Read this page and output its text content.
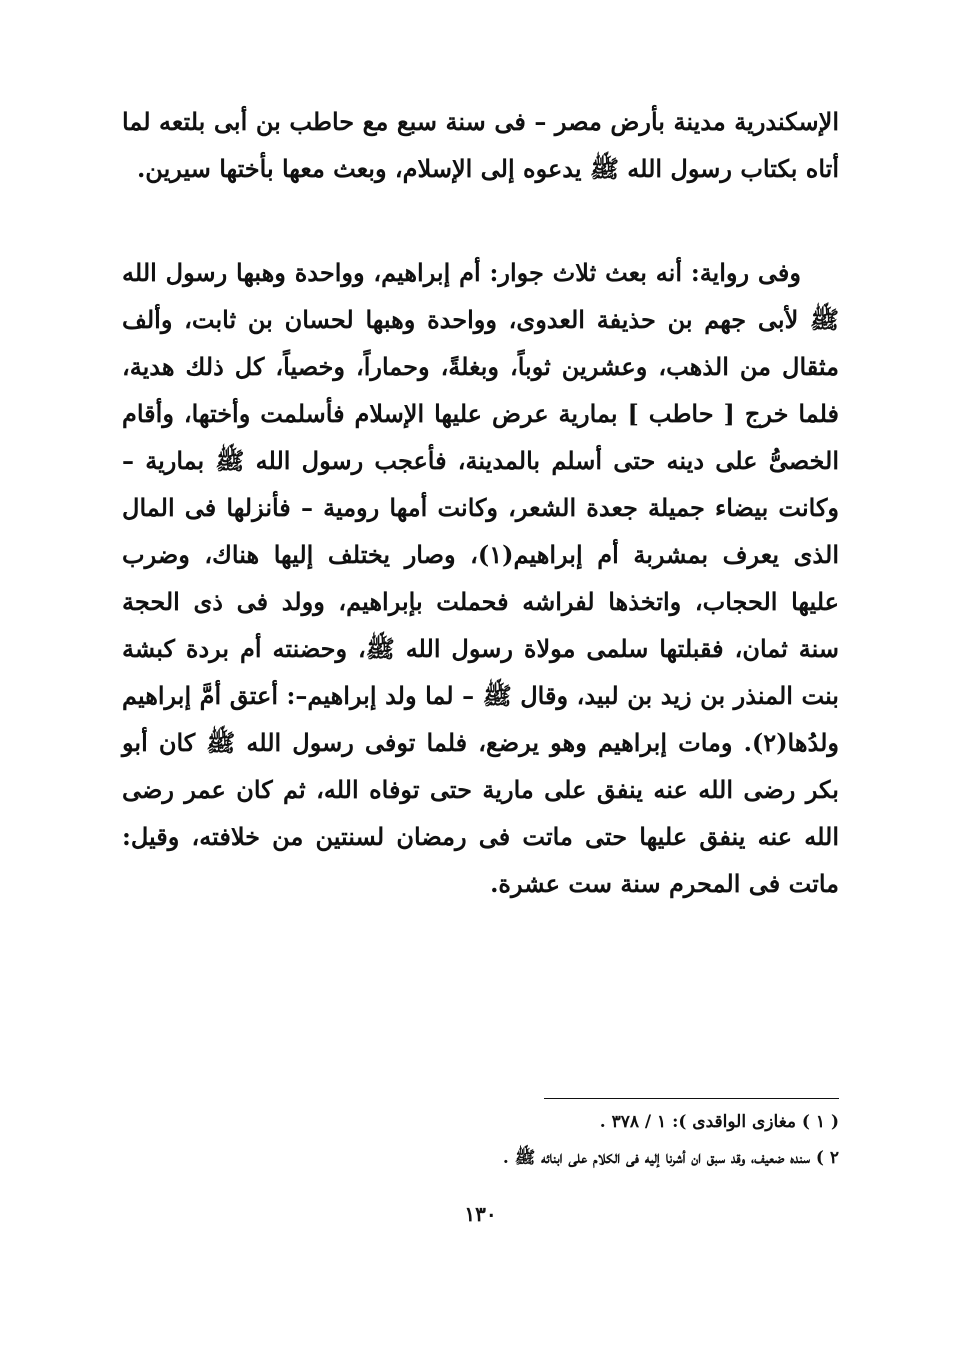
الإسكندرية مدينة بأرض مصر – فى سنة سبع مع حاطب بن أبى بلتعه لما أتاه بكتاب رسول الله ﷺ يدعوه إلى الإسلام، وبعث معها بأختها سيرين.

وفى رواية: أنه بعث ثلاث جوار: أم إبراهيم، وواحدة وهبها رسول الله ﷺ لأبى جهم بن حذيفة العدوى، وواحدة وهبها لحسان بن ثابت، وألف مثقال من الذهب، وعشرين ثوباً، وبغلةً، وحماراً، وخصياً، كل ذلك هدية، فلما خرج [ حاطب ] بمارية عرض عليها الإسلام فأسلمت وأختها، وأقام الخصىُّ على دينه حتى أسلم بالمدينة، فأعجب رسول الله ﷺ بمارية – وكانت بيضاء جميلة جعدة الشعر، وكانت أمها رومية – فأنزلها فى المال الذى يعرف بمشربة أم إبراهيم(١)، وصار يختلف إليها هناك، وضرب عليها الحجاب، واتخذها لفراشه فحملت بإبراهيم، وولد فى ذى الحجة سنة ثمان، فقبلتها سلمى مولاة رسول الله ﷺ، وحضنته أم بردة كبشة بنت المنذر بن زيد بن لبيد، وقال ﷺ – لما ولد إبراهيم–: أعتق أمَّ إبراهيم ولدُها(٢). ومات إبراهيم وهو يرضع، فلما توفى رسول الله ﷺ كان أبو بكر رضى الله عنه ينفق على مارية حتى توفاه الله، ثم كان عمر رضى الله عنه ينفق عليها حتى ماتت فى رمضان لسنتين من خلافته، وقيل: ماتت فى المحرم سنة ست عشرة.

( ١ ) مغازى الواقدى ): ١ / ٣٧٨ .
٢ ) سنده ضعيف، وقد سبق ان أشرنا إليه فى الكلام على ابنائه ﷺ .
١٣٠
